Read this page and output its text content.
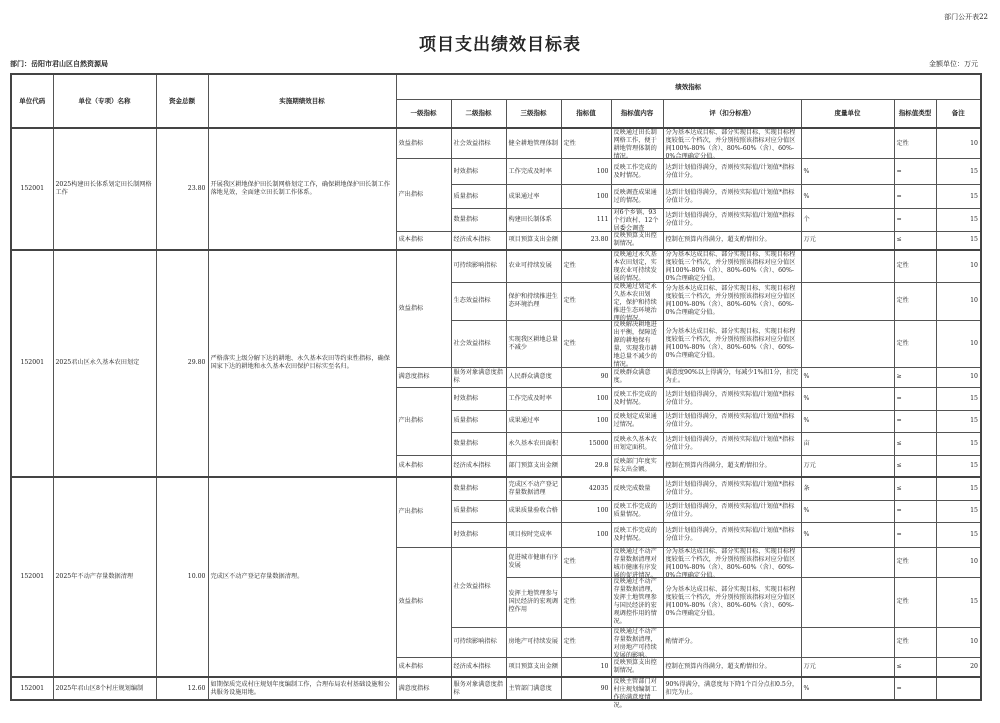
部门公开表22
项目支出绩效目标表
部门：岳阳市君山区自然资源局	金额单位：万元
单位代码	单位（专项）名称	资金总额	实施期绩效目标	绩效指标								
				一级指标	二级指标	三级指标	指标值	指标值内容	评（扣分标准）	度量单位	指标值类型	备注

152001	2025构建田长体系划定田长制网格工作	23.80	开展我区耕地保护田长制网格划定工作，确保耕地保护田长制工作落地见效，全面建立田长制工作体系。	效益指标	社会效益指标	健全耕地管理体制	定性	反映通过田长制网格工作，便于耕地管理体制的情况。	分为基本达成目标、部分实现目标、实现目标程度较低三个档次，并分别按照该指标对应分值区间100%-80%（含）、80%-60%（含）、60%-0%合理确定分值。		定性	10

				产出指标	时效指标	工作完成及时率	100	反映工作完成的及时情况。	达到计划值得满分，否则按实际值/计划值*指标分值计分。	%	=	15

					质量指标	成果通过率	100	反映调查成果通过的情况。	达到计划值得满分，否则按实际值/计划值*指标分值计分。	%	=	15

					数量指标	构建田长制体系	111	对6个乡镇、93个行政村、12个居委会调查	达到计划值得满分，否则按实际值/计划值*指标分值计分。	个	=	15

				成本指标	经济成本指标	项目预算支出金额	23.80	反映预算支出控制情况。	控制在预算内得满分，超支酌情扣分。	万元	≤	15

152001	2025君山区永久基本农田划定	29.80	严格落实上级分解下达的耕地、永久基本农田等约束性指标，确保国家下达的耕地和永久基本农田保护目标实至名归。	效益指标	可持续影响指标	农业可持续发展	定性	反映通过永久基本农田划定，实现农业可持续发展的情况。	分为基本达成目标、部分实现目标、实现目标程度较低三个档次，并分别按照该指标对应分值区间100%-80%（含）、80%-60%（含）、60%-0%合理确定分值。		定性	10

					生态效益指标	保护和持续推进生态环境治理	定性	反映通过划定永久基本农田划定，保护和持续推进生态环境治理的情况。	分为基本达成目标、部分实现目标、实现目标程度较低三个档次，并分别按照该指标对应分值区间100%-80%（含）、80%-60%（含）、60%-0%合理确定分值。		定性	10

					社会效益指标	实现我区耕地总量不减少	定性	反映解决耕地进出平衡，保障适源的耕地保有量，实现我市耕地总量不减少的情况。	分为基本达成目标、部分实现目标、实现目标程度较低三个档次，并分别按照该指标对应分值区间100%-80%（含）、80%-60%（含）、60%-0%合理确定分值。		定性	10

				满意度指标	服务对象满意度指标	人民群众满意度	90	反映群众满意度。	满意度90%以上得满分，每减少1%扣1分，扣完为止。	%	≥	10

				产出指标	时效指标	工作完成及时率	100	反映工作完成的及时情况。	达到计划值得满分，否则按实际值/计划值*指标分值计分。	%	=	15

					质量指标	成果通过率	100	反映划定成果通过情况。	达到计划值得满分，否则按实际值/计划值*指标分值计分。	%	=	15

					数量指标	永久基本农田面积	15000	反映永久基本农田划定面积。	达到计划值得满分，否则按实际值/计划值*指标分值计分。	亩	≤	15

				成本指标	经济成本指标	部门预算支出金额	29.8	反映部门年度实际支出金额。	控制在预算内得满分，超支酌情扣分。	万元	≤	15

152001	2025年不动产存量数据清理	10.00	完成区不动产登记存量数据清理。	产出指标	数量指标	完成区不动产登记存量数据清理	42035	反映完成数量	达到计划值得满分，否则按实际值/计划值*指标分值计分。	条	≤	15

					质量指标	成果质量验收合格	100	反映工作完成的质量情况。	达到计划值得满分，否则按实际值/计划值*指标分值计分。	%	=	15

					时效指标	项目按时完成率	100	反映工作完成的及时情况。	达到计划值得满分，否则按实际值/计划值*指标分值计分。	%	=	15

				效益指标	社会效益指标	促进城市健康有序发展	定性	反映通过不动产存量数据清理对城市健康有序发展的促进情况。	分为基本达成目标、部分实现目标、实现目标程度较低三个档次，并分别按照该指标对应分值区间100%-80%（含）、80%-60%（含）、60%-0%合理确定分值。		定性	10

						发挥土地管理参与国民经济的宏观调控作用	定性	反映通过不动产存量数据清理，发挥土地管理参与国民经济的宏观调控作用的情况。	分为基本达成目标、部分实现目标、实现目标程度较低三个档次，并分别按照该指标对应分值区间100%-80%（含）、80%-60%（含）、60%-0%合理确定分值。		定性	15

					可持续影响指标	房地产可持续发展	定性	反映通过不动产存量数据清理，对房地产可持续发展的影响。	酌情评分。		定性	10

				成本指标	经济成本指标	项目预算支出金额	10	反映预算支出控制情况。	控制在预算内得满分，超支酌情扣分。	万元	≤	20

152001	2025年君山区8个村庄规划编制	12.60	如期保质完成村庄规划年度编制工作，合理布局农村基础设施和公共服务设施用地。	满意度指标	服务对象满意度指标	主管部门满意度	90	反映主管部门对村庄规划编制工作的满意度情况。	90%得满分，满意度每下降1个百分点扣0.5分，扣完为止。	%	=	
